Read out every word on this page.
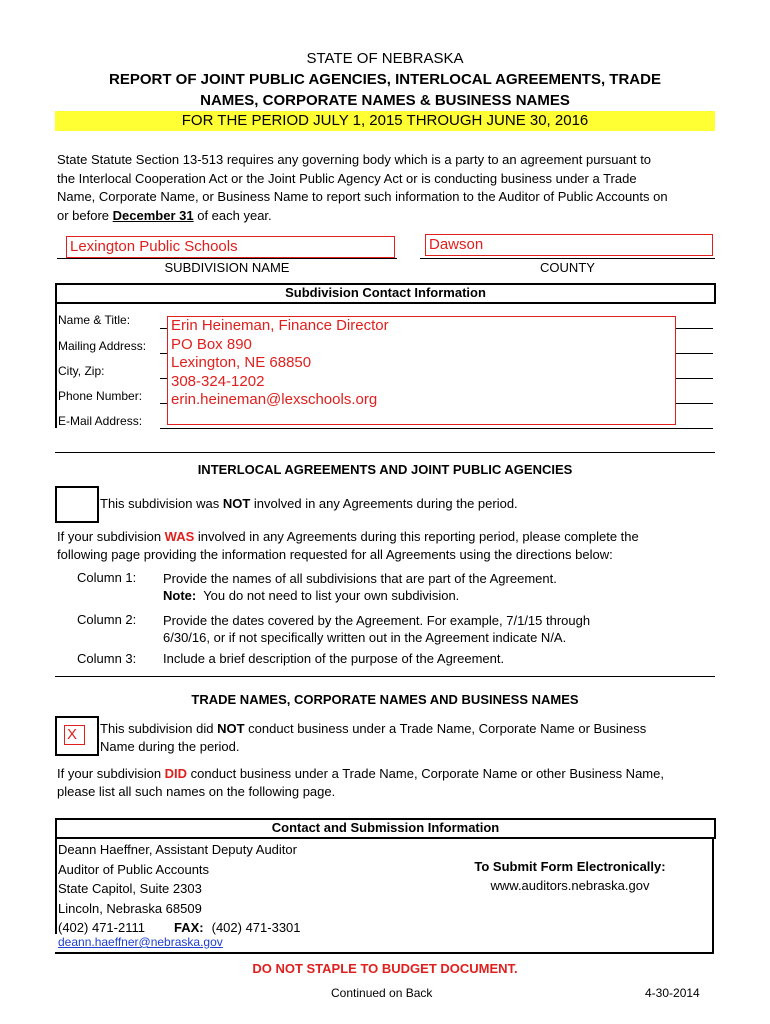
STATE OF NEBRASKA
REPORT OF JOINT PUBLIC AGENCIES, INTERLOCAL AGREEMENTS, TRADE
NAMES, CORPORATE NAMES & BUSINESS NAMES
FOR THE PERIOD JULY 1, 2015 THROUGH JUNE 30, 2016
State Statute Section 13-513 requires any governing body which is a party to an agreement pursuant to
the Interlocal Cooperation Act or the Joint Public Agency Act or is conducting business under a Trade
Name, Corporate Name, or Business Name to report such information to the Auditor of Public Accounts on
or before December 31 of each year.
Lexington Public Schools
SUBDIVISION NAME
Dawson
COUNTY
Subdivision Contact Information
Name & Title:
Mailing Address:
City, Zip:
Phone Number:
E-Mail Address:
Erin Heineman, Finance Director
PO Box 890
Lexington, NE 68850
308-324-1202
erin.heineman@lexschools.org
INTERLOCAL AGREEMENTS AND JOINT PUBLIC AGENCIES
This subdivision was NOT involved in any Agreements during the period.
If your subdivision WAS involved in any Agreements during this reporting period, please complete the
following page providing the information requested for all Agreements using the directions below:
Column 1: Provide the names of all subdivisions that are part of the Agreement.
Note:  You do not need to list your own subdivision.
Column 2: Provide the dates covered by the Agreement. For example, 7/1/15 through
6/30/16, or if not specifically written out in the Agreement indicate N/A.
Column 3: Include a brief description of the purpose of the Agreement.
TRADE NAMES, CORPORATE NAMES AND BUSINESS NAMES
X	This subdivision did NOT conduct business under a Trade Name, Corporate Name or Business
Name during the period.
If your subdivision DID conduct business under a Trade Name, Corporate Name or other Business Name,
please list all such names on the following page.
Contact and Submission Information
Deann Haeffner, Assistant Deputy Auditor
Auditor of Public Accounts
State Capitol, Suite 2303
Lincoln, Nebraska 68509
(402) 471-2111 FAX: (402) 471-3301
deann.haeffner@nebraska.gov
To Submit Form Electronically:
www.auditors.nebraska.gov
DO NOT STAPLE TO BUDGET DOCUMENT.
Continued on Back	4-30-2014
